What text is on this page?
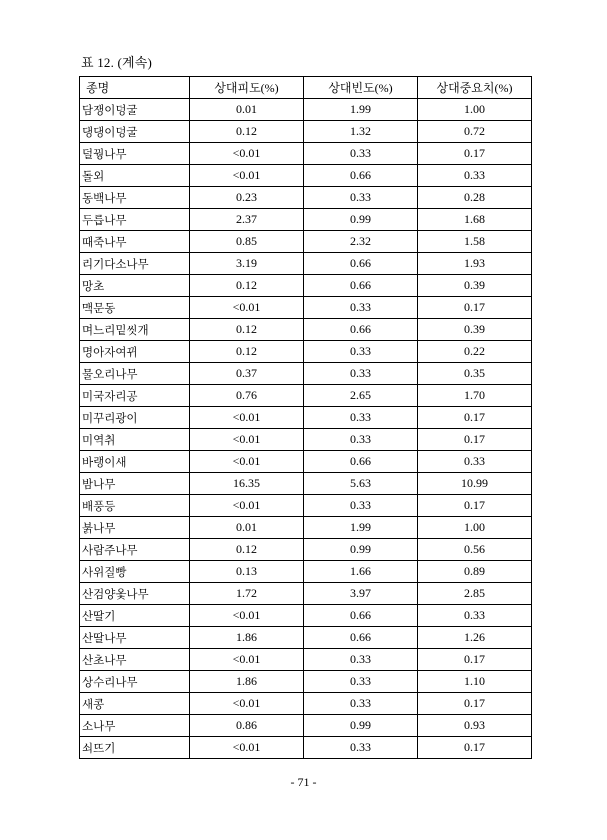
표 12. (계속)
종명	상대피도(%)	상대빈도(%)	상대중요치(%)
담쟁이덩굴	0.01	1.99	1.00
댕댕이덩굴	0.12	1.32	0.72
덜꿩나무	<0.01	0.33	0.17
돌외	<0.01	0.66	0.33
동백나무	0.23	0.33	0.28
두릅나무	2.37	0.99	1.68
때죽나무	0.85	2.32	1.58
리기다소나무	3.19	0.66	1.93
망초	0.12	0.66	0.39
맥문동	<0.01	0.33	0.17
며느리밑씻개	0.12	0.66	0.39
명아자여뀌	0.12	0.33	0.22
물오리나무	0.37	0.33	0.35
미국자리공	0.76	2.65	1.70
미꾸리광이	<0.01	0.33	0.17
미역취	<0.01	0.33	0.17
바랭이새	<0.01	0.66	0.33
밤나무	16.35	5.63	10.99
배풍등	<0.01	0.33	0.17
붉나무	0.01	1.99	1.00
사람주나무	0.12	0.99	0.56
사위질빵	0.13	1.66	0.89
산검양옻나무	1.72	3.97	2.85
산딸기	<0.01	0.66	0.33
산딸나무	1.86	0.66	1.26
산초나무	<0.01	0.33	0.17
상수리나무	1.86	0.33	1.10
새콩	<0.01	0.33	0.17
소나무	0.86	0.99	0.93
쇠뜨기	<0.01	0.33	0.17
- 71 -
